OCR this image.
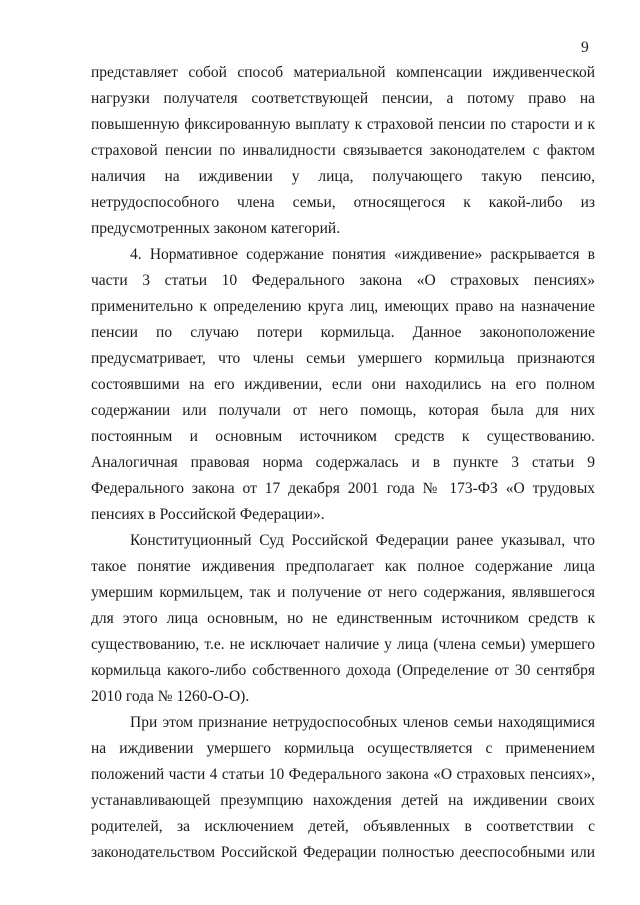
9

представляет собой способ материальной компенсации иждивенческой
нагрузки получателя соответствующей пенсии, а потому право на
повышенную фиксированную выплату к страховой пенсии по старости и к
страховой пенсии по инвалидности связывается законодателем с фактом
наличия на иждивении у лица, получающего такую пенсию,
нетрудоспособного члена семьи, относящегося к какой-либо из
предусмотренных законом категорий.

4. Нормативное содержание понятия «иждивение» раскрывается в
части 3 статьи 10 Федерального закона «О страховых пенсиях»
применительно к определению круга лиц, имеющих право на назначение
пенсии по случаю потери кормильца. Данное законоположение
предусматривает, что члены семьи умершего кормильца признаются
состоявшими на его иждивении, если они находились на его полном
содержании или получали от него помощь, которая была для них
постоянным и основным источником средств к существованию.
Аналогичная правовая норма содержалась и в пункте 3 статьи 9
Федерального закона от 17 декабря 2001 года № 173-ФЗ «О трудовых
пенсиях в Российской Федерации».

Конституционный Суд Российской Федерации ранее указывал, что
такое понятие иждивения предполагает как полное содержание лица
умершим кормильцем, так и получение от него содержания, являвшегося
для этого лица основным, но не единственным источником средств к
существованию, т.е. не исключает наличие у лица (члена семьи) умершего
кормильца какого-либо собственного дохода (Определение от 30 сентября
2010 года № 1260-О-О).

При этом признание нетрудоспособных членов семьи находящимися
на иждивении умершего кормильца осуществляется с применением
положений части 4 статьи 10 Федерального закона «О страховых пенсиях»,
устанавливающей презумпцию нахождения детей на иждивении своих
родителей, за исключением детей, объявленных в соответствии с
законодательством Российской Федерации полностью дееспособными или
